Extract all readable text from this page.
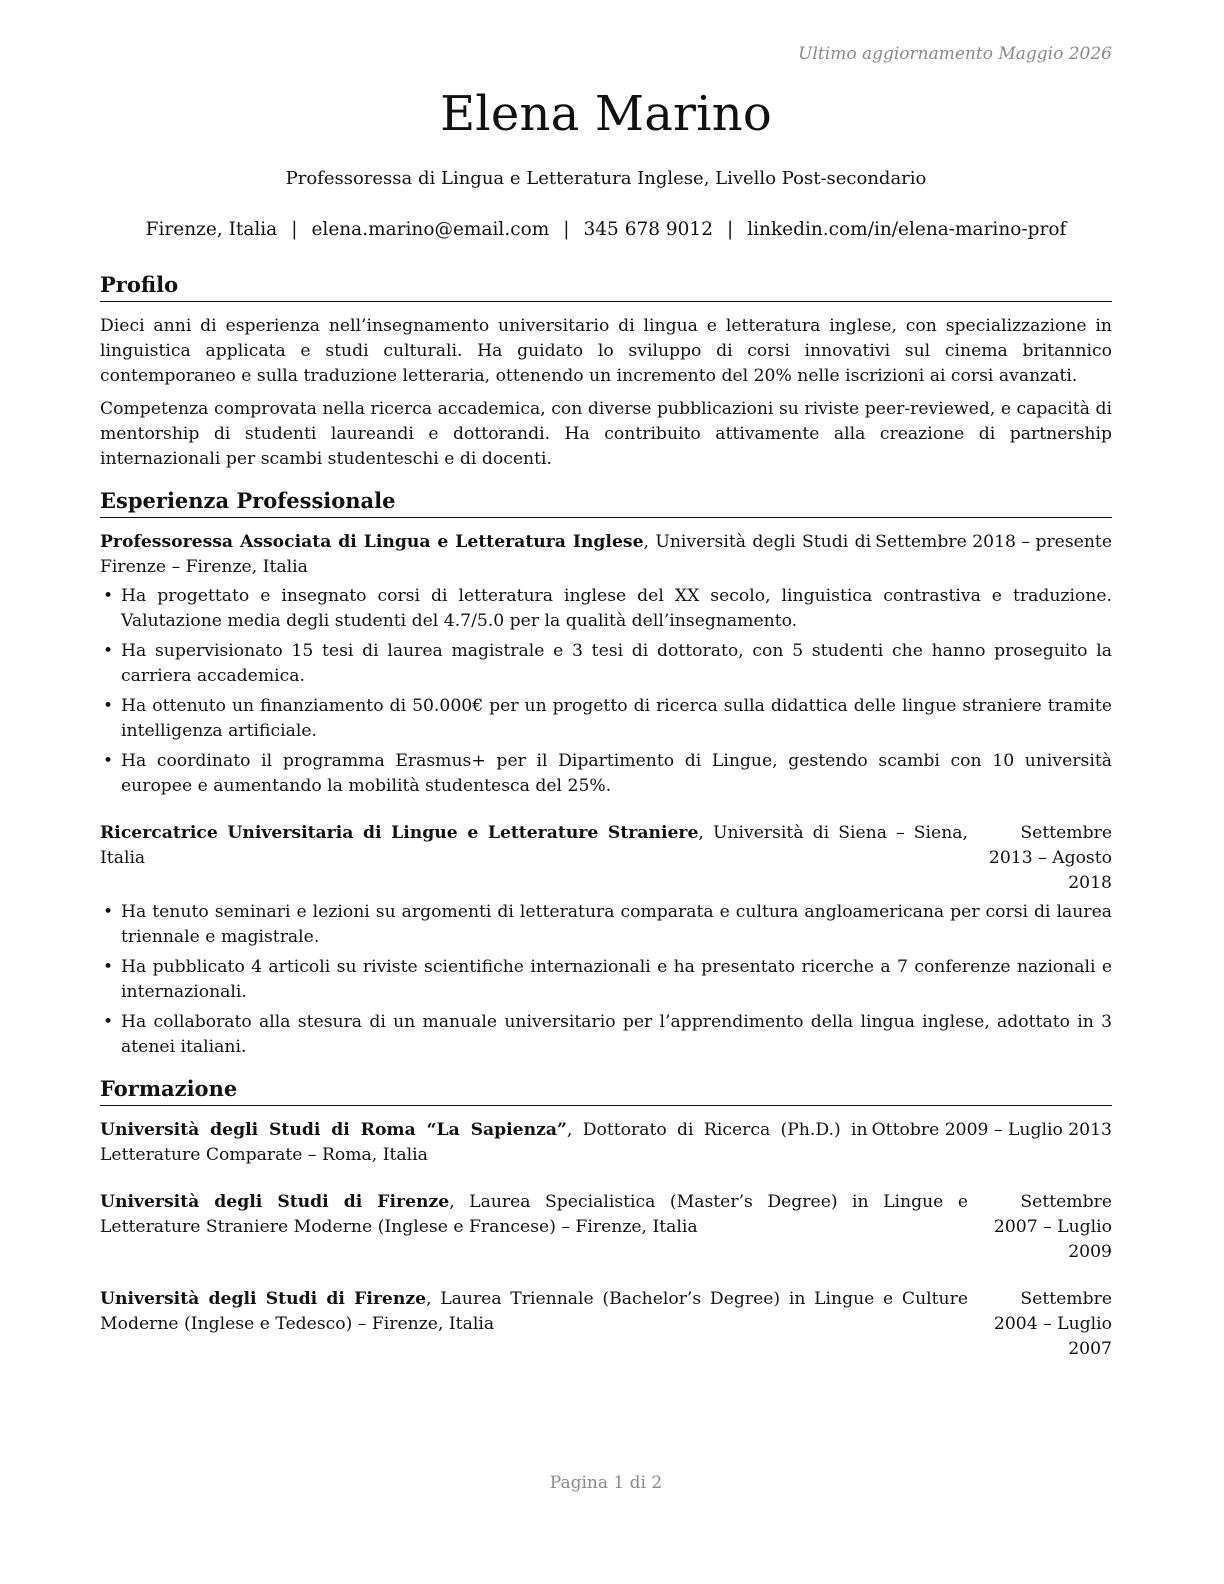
Ultimo aggiornamento Maggio 2026
Elena Marino
Professoressa di Lingua e Letteratura Inglese, Livello Post-secondario
Firenze, Italia | elena.marino@email.com | 345 678 9012 | linkedin.com/in/elena-marino-prof
Profilo

Dieci anni di esperienza nell’insegnamento universitario di lingua e letteratura inglese, con specializzazione in linguistica applicata e studi culturali. Ha guidato lo sviluppo di corsi innovativi sul cinema britannico contemporaneo e sulla traduzione letteraria, ottenendo un incremento del 20% nelle iscrizioni ai corsi avanzati.

Competenza comprovata nella ricerca accademica, con diverse pubblicazioni su riviste peer-reviewed, e capacità di mentorship di studenti laureandi e dottorandi. Ha contribuito attivamente alla creazione di partnership internazionali per scambi studenteschi e di docenti.

Esperienza Professionale
Professoressa Associata di Lingua e Letteratura Inglese, Università degli Studi di Firenze – Firenze, Italia
Settembre 2018 – presente
• Ha progettato e insegnato corsi di letteratura inglese del XX secolo, linguistica contrastiva e traduzione. Valutazione media degli studenti del 4.7/5.0 per la qualità dell’insegnamento.
• Ha supervisionato 15 tesi di laurea magistrale e 3 tesi di dottorato, con 5 studenti che hanno proseguito la carriera accademica.
• Ha ottenuto un finanziamento di 50.000€ per un progetto di ricerca sulla didattica delle lingue straniere tramite intelligenza artificiale.
• Ha coordinato il programma Erasmus+ per il Dipartimento di Lingue, gestendo scambi con 10 università europee e aumentando la mobilità studentesca del 25%.
Ricercatrice Universitaria di Lingue e Letterature Straniere, Università di Siena – Siena, Italia
Settembre 2013 – Agosto 2018
• Ha tenuto seminari e lezioni su argomenti di letteratura comparata e cultura angloamericana per corsi di laurea triennale e magistrale.
• Ha pubblicato 4 articoli su riviste scientifiche internazionali e ha presentato ricerche a 7 conferenze nazionali e internazionali.
• Ha collaborato alla stesura di un manuale universitario per l’apprendimento della lingua inglese, adottato in 3 atenei italiani.
Formazione
Università degli Studi di Roma “La Sapienza”, Dottorato di Ricerca (Ph.D.) in Letterature Comparate – Roma, Italia
Ottobre 2009 – Luglio 2013
Università degli Studi di Firenze, Laurea Specialistica (Master’s Degree) in Lingue e Letterature Straniere Moderne (Inglese e Francese) – Firenze, Italia
Settembre 2007 – Luglio 2009
Università degli Studi di Firenze, Laurea Triennale (Bachelor’s Degree) in Lingue e Culture Moderne (Inglese e Tedesco) – Firenze, Italia
Settembre 2004 – Luglio 2007
Pagina 1 di 2
